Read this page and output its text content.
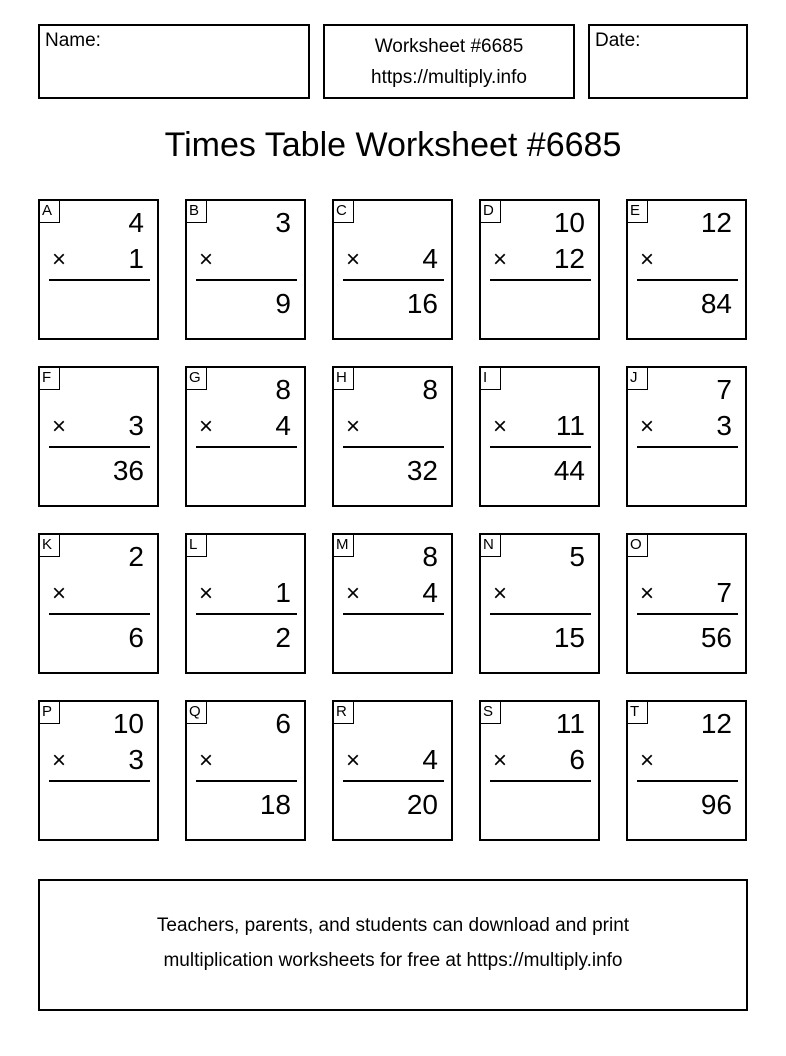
Name:	Worksheet #6685
https://multiply.info
Date:
Times Table Worksheet #6685
A	4
× 1
B	3
×
9
C
× 4
16
D 10
× 12
E 12
×
84
F
× 3
36
G	8
× 4
H	8
×
32
I
× 11
44
J	7
× 3
K	2
×
6
L
× 1
2
M	8
× 4
N	5
×
15
O
× 7
56
P 10
× 3
Q	6
×
18
R
× 4
20
S 11
× 6
T	12
×
96
Teachers, parents, and students can download and print
multiplication worksheets for free at https://multiply.info
